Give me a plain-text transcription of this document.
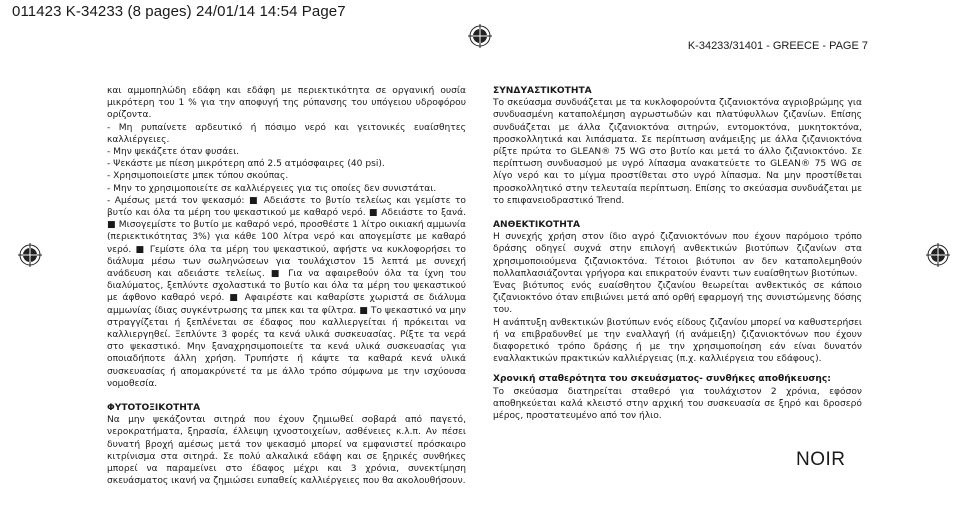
011423 K-34233 (8 pages) 24/01/14 14:54 Page7
K-34233/31401 - GREECE - PAGE 7

και αμμοπηλώδη εδάφη και εδάφη με περιεκτικότητα σε οργανική ουσία μικρότερη του 1 % για την αποφυγή της ρύπανσης του υπόγειου υδροφόρου ορίζοντα.

- Μη ρυπαίνετε αρδευτικό ή πόσιμο νερό και γειτονικές ευαίσθητες καλλιέργειες.

- Μην ψεκάζετε όταν φυσάει.

- Ψεκάστε με πίεση μικρότερη από 2.5 ατμόσφαιρες (40 psi).

- Χρησιμοποιείστε μπεκ τύπου σκούπας.

- Μην το χρησιμοποιείτε σε καλλιέργειες για τις οποίες δεν συνιστάται.

- Αμέσως μετά τον ψεκασμό: ■ Αδειάστε το βυτίο τελείως και γεμίστε το βυτίο και όλα τα μέρη του ψεκαστικού με καθαρό νερό. ■ Αδειάστε το ξανά. ■ Μισογεμίστε το βυτίο με καθαρό νερό, προσθέστε 1 λίτρο οικιακή αμμωνία (περιεκτικότητας 3%) για κάθε 100 λίτρα νερό και απογεμίστε με καθαρό νερό. ■ Γεμίστε όλα τα μέρη του ψεκαστικού, αφήστε να κυκλοφορήσει το διάλυμα μέσω των σωληνώσεων για τουλάχιστον 15 λεπτά με συνεχή ανάδευση και αδειάστε τελείως. ■ Για να αφαιρεθούν όλα τα ίχνη του διαλύματος, ξεπλύντε σχολαστικά το βυτίο και όλα τα μέρη του ψεκαστικού με άφθονο καθαρό νερό. ■ Αφαιρέστε και καθαρίστε χωριστά σε διάλυμα αμμωνίας ίδιας συγκέντρωσης τα μπεκ και τα φίλτρα. ■ Το ψεκαστικό να μην στραγγίζεται ή ξεπλένεται σε έδαφος που καλλιεργείται ή πρόκειται να καλλιεργηθεί. Ξεπλύντε 3 φορές τα κενά υλικά συσκευασίας. Ρίξτε τα νερά στο ψεκαστικό. Μην ξαναχρησιμοποιείτε τα κενά υλικά συσκευασίας για οποιαδήποτε άλλη χρήση. Τρυπήστε ή κάψτε τα καθαρά κενά υλικά συσκευασίας ή απομακρύνετέ τα με άλλο τρόπο σύμφωνα με την ισχύουσα νομοθεσία.

ΦΥΤΟΤΟΞΙΚΟΤΗΤΑ

Να μην ψεκάζονται σιτηρά που έχουν ζημιωθεί σοβαρά από παγετό, νεροκρατήματα, ξηρασία, έλλειψη ιχνοστοιχείων, ασθένειες κ.λ.π. Αν πέσει δυνατή βροχή αμέσως μετά τον ψεκασμό μπορεί να εμφανιστεί πρόσκαιρο κιτρίνισμα στα σιτηρά. Σε πολύ αλκαλικά εδάφη και σε ξηρικές συνθήκες μπορεί να παραμείνει στο έδαφος μέχρι και 3 χρόνια, συνεκτίμηση σκευάσματος ικανή να ζημιώσει ευπαθείς καλλιέργειες που θα ακολουθήσουν.

ΣΥΝΔΥΑΣΤΙΚΟΤΗΤΑ

Το σκεύασμα συνδυάζεται με τα κυκλοφορούντα ζιζανιοκτόνα αγριοβρώμης για συνδυασμένη καταπολέμηση αγρωστωδών και πλατύφυλλων ζιζανίων. Επίσης συνδυάζεται με άλλα ζιζανιοκτόνα σιτηρών, εντομοκτόνα, μυκητοκτόνα, προσκολλητικά και λιπάσματα. Σε περίπτωση ανάμειξης με άλλα ζιζανιοκτόνα ρίξτε πρώτα το GLEAN® 75 WG στο βυτίο και μετά το άλλο ζιζανιοκτόνο. Σε περίπτωση συνδυασμού με υγρό λίπασμα ανακατεύετε το GLEAN® 75 WG σε λίγο νερό και το μίγμα προστίθεται στο υγρό λίπασμα. Να μην προστίθεται προσκολλητικό στην τελευταία περίπτωση. Επίσης το σκεύασμα συνδυάζεται με το επιφανειοδραστικό Trend.

ΑΝΘΕΚΤΙΚΟΤΗΤΑ

Η συνεχής χρήση στον ίδιο αγρό ζιζανιοκτόνων που έχουν παρόμοιο τρόπο δράσης οδηγεί συχνά στην επιλογή ανθεκτικών βιοτύπων ζιζανίων στα χρησιμοποιούμενα ζιζανιοκτόνα. Τέτοιοι βιότυποι αν δεν καταπολεμηθούν πολλαπλασιάζονται γρήγορα και επικρατούν έναντι των ευαίσθητων βιοτύπων.

Ένας βιότυπος ενός ευαίσθητου ζιζανίου θεωρείται ανθεκτικός σε κάποιο ζιζανιοκτόνο όταν επιβιώνει μετά από ορθή εφαρμογή της συνιστώμενης δόσης του.

Η ανάπτυξη ανθεκτικών βιοτύπων ενός είδους ζιζανίου μπορεί να καθυστερήσει ή να επιβραδυνθεί με την εναλλαγή (ή ανάμειξη) ζιζανιοκτόνων που έχουν διαφορετικό τρόπο δράσης ή με την χρησιμοποίηση εάν είναι δυνατόν εναλλακτικών πρακτικών καλλιέργειας (π.χ. καλλιέργεια του εδάφους).

Χρονική σταθερότητα του σκευάσματος- συνθήκες αποθήκευσης:

Το σκεύασμα διατηρείται σταθερό για τουλάχιστον 2 χρόνια, εφόσον αποθηκεύεται καλά κλειστό στην αρχική του συσκευασία σε ξηρό και δροσερό μέρος, προστατευμένο από τον ήλιο.

NOIR
